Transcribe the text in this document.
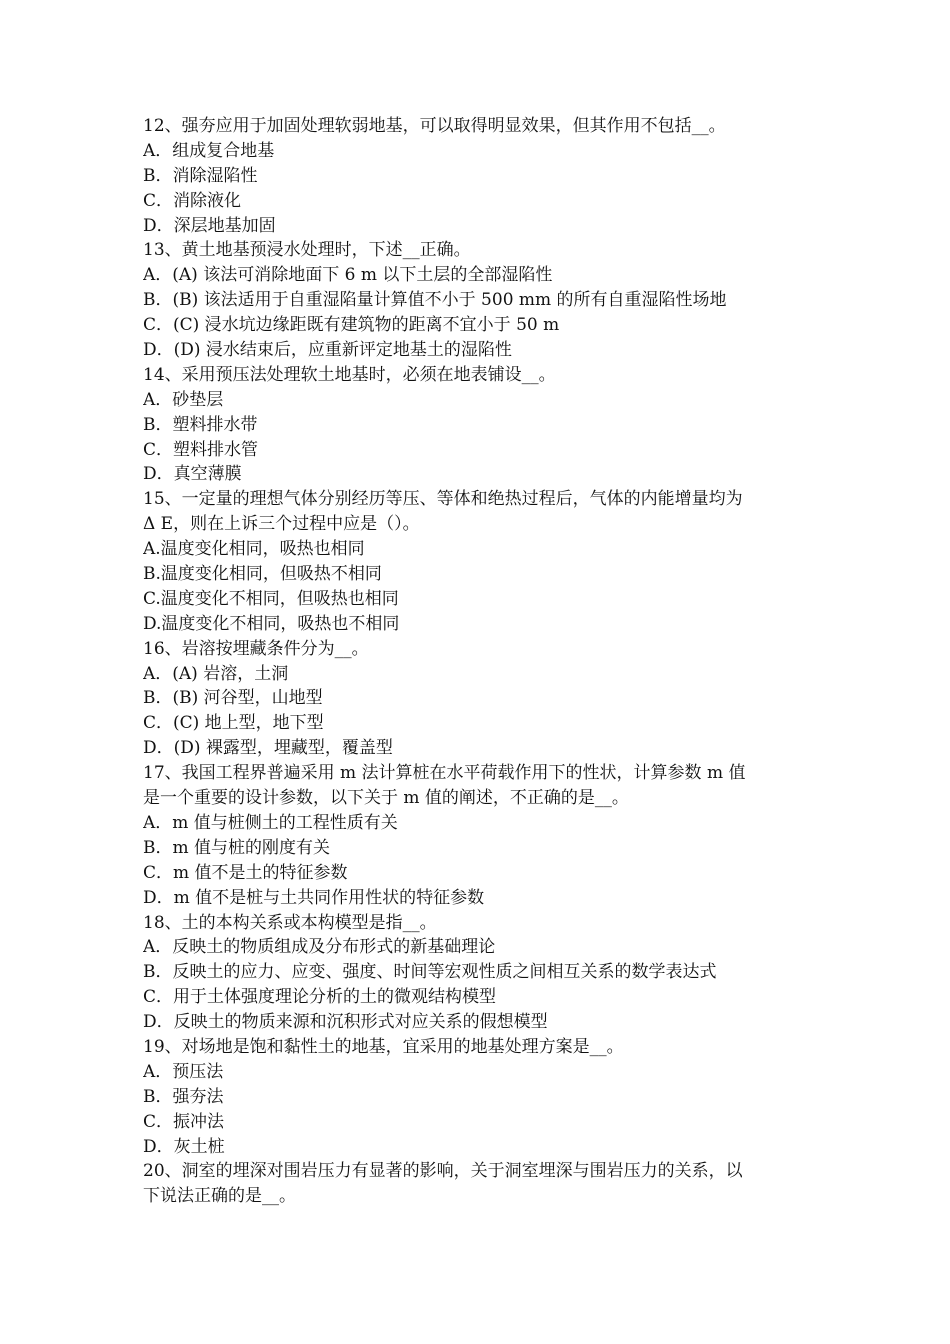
12、强夯应用于加固处理软弱地基，可以取得明显效果，但其作用不包括__。
A．组成复合地基
B．消除湿陷性
C．消除液化
D．深层地基加固
13、黄土地基预浸水处理时，下述__正确。
A．(A) 该法可消除地面下 6 m 以下土层的全部湿陷性
B．(B) 该法适用于自重湿陷量计算值不小于 500 mm 的所有自重湿陷性场地
C．(C) 浸水坑边缘距既有建筑物的距离不宜小于 50 m
D．(D) 浸水结束后，应重新评定地基土的湿陷性
14、采用预压法处理软土地基时，必须在地表铺设__。
A．砂垫层
B．塑料排水带
C．塑料排水管
D．真空薄膜
15、一定量的理想气体分别经历等压、等体和绝热过程后，气体的内能增量均为
Δ E，则在上诉三个过程中应是（）。
A.温度变化相同，吸热也相同
B.温度变化相同，但吸热不相同
C.温度变化不相同，但吸热也相同
D.温度变化不相同，吸热也不相同
16、岩溶按埋藏条件分为__。
A．(A) 岩溶，土洞
B．(B) 河谷型，山地型
C．(C) 地上型，地下型
D．(D) 裸露型，埋藏型，覆盖型
17、我国工程界普遍采用 m 法计算桩在水平荷载作用下的性状，计算参数 m 值
是一个重要的设计参数，以下关于 m 值的阐述，不正确的是__。
A．m 值与桩侧土的工程性质有关
B．m 值与桩的刚度有关
C．m 值不是土的特征参数
D．m 值不是桩与土共同作用性状的特征参数
18、土的本构关系或本构模型是指__。
A．反映土的物质组成及分布形式的新基础理论
B．反映土的应力、应变、强度、时间等宏观性质之间相互关系的数学表达式
C．用于土体强度理论分析的土的微观结构模型
D．反映土的物质来源和沉积形式对应关系的假想模型
19、对场地是饱和黏性土的地基，宜采用的地基处理方案是__。
A．预压法
B．强夯法
C．振冲法
D．灰土桩
20、洞室的埋深对围岩压力有显著的影响，关于洞室埋深与围岩压力的关系，以
下说法正确的是__。
